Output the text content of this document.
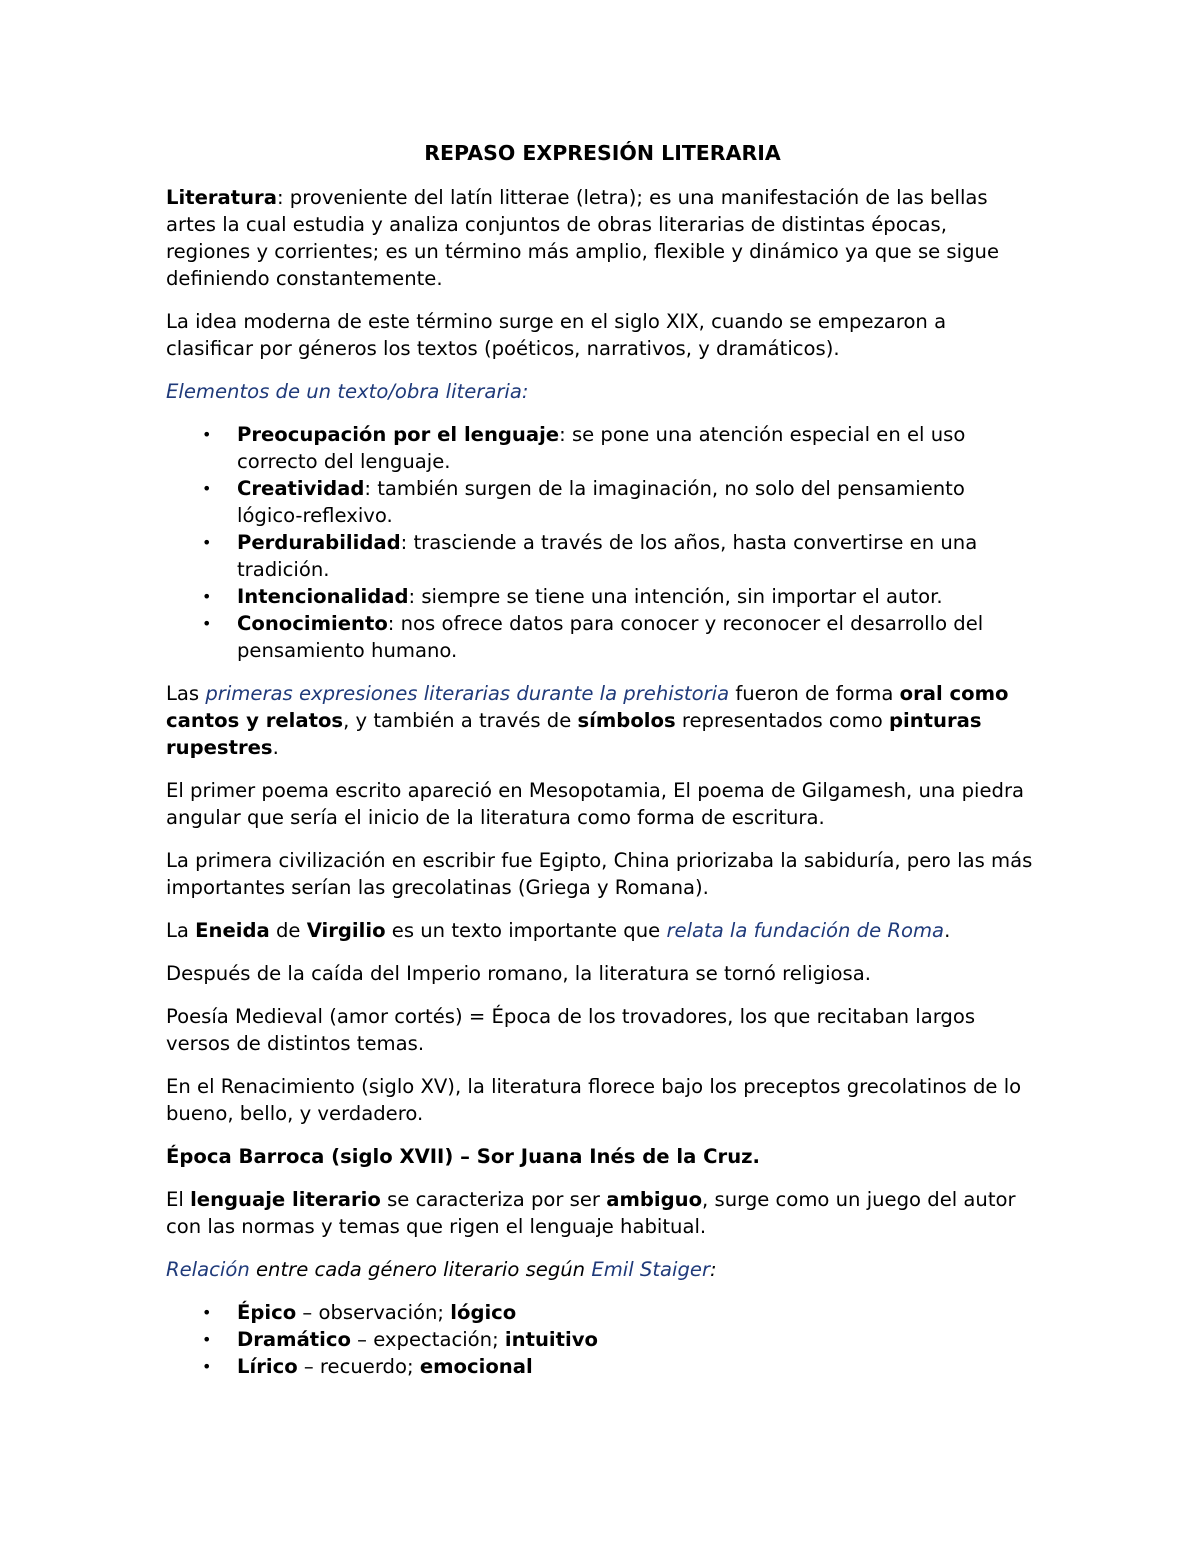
REPASO EXPRESIÓN LITERARIA

Literatura: proveniente del latín litterae (letra); es una manifestación de las bellas artes la cual estudia y analiza conjuntos de obras literarias de distintas épocas, regiones y corrientes; es un término más amplio, flexible y dinámico ya que se sigue definiendo constantemente.

La idea moderna de este término surge en el siglo XIX, cuando se empezaron a clasificar por géneros los textos (poéticos, narrativos, y dramáticos).

Elementos de un texto/obra literaria:

• Preocupación por el lenguaje: se pone una atención especial en el uso correcto del lenguaje.
• Creatividad: también surgen de la imaginación, no solo del pensamiento lógico-reflexivo.
• Perdurabilidad: trasciende a través de los años, hasta convertirse en una tradición.
• Intencionalidad: siempre se tiene una intención, sin importar el autor.
• Conocimiento: nos ofrece datos para conocer y reconocer el desarrollo del pensamiento humano.

Las primeras expresiones literarias durante la prehistoria fueron de forma oral como cantos y relatos, y también a través de símbolos representados como pinturas rupestres.

El primer poema escrito apareció en Mesopotamia, El poema de Gilgamesh, una piedra angular que sería el inicio de la literatura como forma de escritura.

La primera civilización en escribir fue Egipto, China priorizaba la sabiduría, pero las más importantes serían las grecolatinas (Griega y Romana).

La Eneida de Virgilio es un texto importante que relata la fundación de Roma.

Después de la caída del Imperio romano, la literatura se tornó religiosa.

Poesía Medieval (amor cortés) = Época de los trovadores, los que recitaban largos versos de distintos temas.

En el Renacimiento (siglo XV), la literatura florece bajo los preceptos grecolatinos de lo bueno, bello, y verdadero.

Época Barroca (siglo XVII) – Sor Juana Inés de la Cruz.

El lenguaje literario se caracteriza por ser ambiguo, surge como un juego del autor con las normas y temas que rigen el lenguaje habitual.

Relación entre cada género literario según Emil Staiger:

• Épico – observación; lógico
• Dramático – expectación; intuitivo
• Lírico – recuerdo; emocional
